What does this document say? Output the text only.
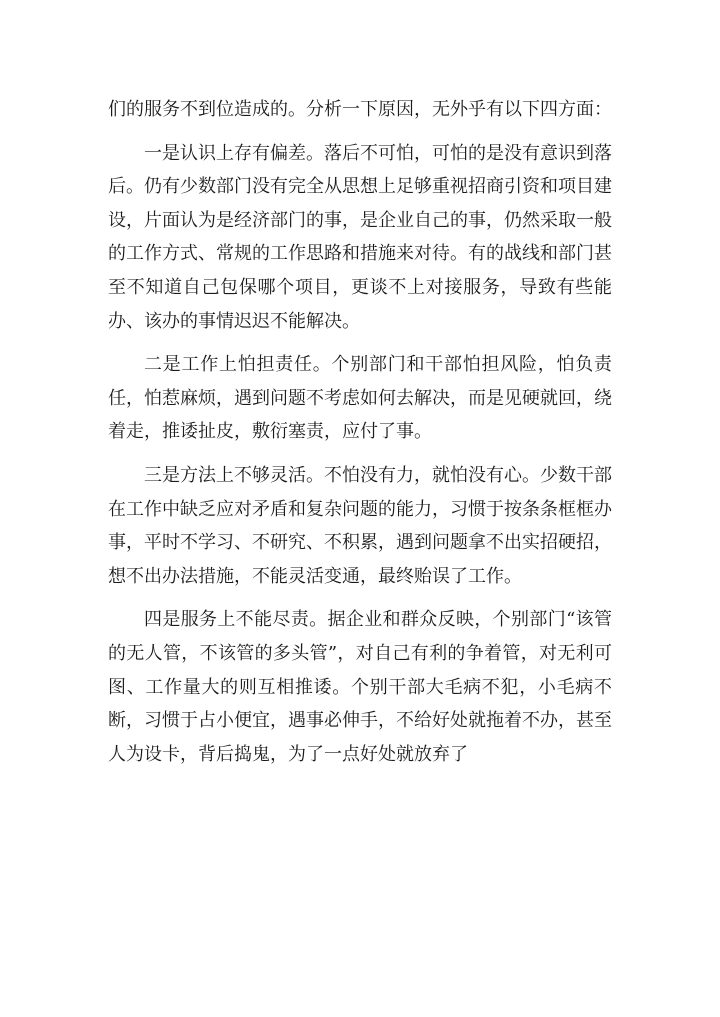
们的服务不到位造成的。分析一下原因，无外乎有以下四方面：

一是认识上存有偏差。落后不可怕，可怕的是没有意识到落后。仍有少数部门没有完全从思想上足够重视招商引资和项目建设，片面认为是经济部门的事，是企业自己的事，仍然采取一般的工作方式、常规的工作思路和措施来对待。有的战线和部门甚至不知道自己包保哪个项目，更谈不上对接服务，导致有些能办、该办的事情迟迟不能解决。

二是工作上怕担责任。个别部门和干部怕担风险，怕负责任，怕惹麻烦，遇到问题不考虑如何去解决，而是见硬就回，绕着走，推诿扯皮，敷衍塞责，应付了事。

三是方法上不够灵活。不怕没有力，就怕没有心。少数干部在工作中缺乏应对矛盾和复杂问题的能力，习惯于按条条框框办事，平时不学习、不研究、不积累，遇到问题拿不出实招硬招，想不出办法措施，不能灵活变通，最终贻误了工作。

四是服务上不能尽责。据企业和群众反映，个别部门“该管的无人管，不该管的多头管”，对自己有利的争着管，对无利可图、工作量大的则互相推诿。个别干部大毛病不犯，小毛病不断，习惯于占小便宜，遇事必伸手，不给好处就拖着不办，甚至人为设卡，背后捣鬼，为了一点好处就放弃了
